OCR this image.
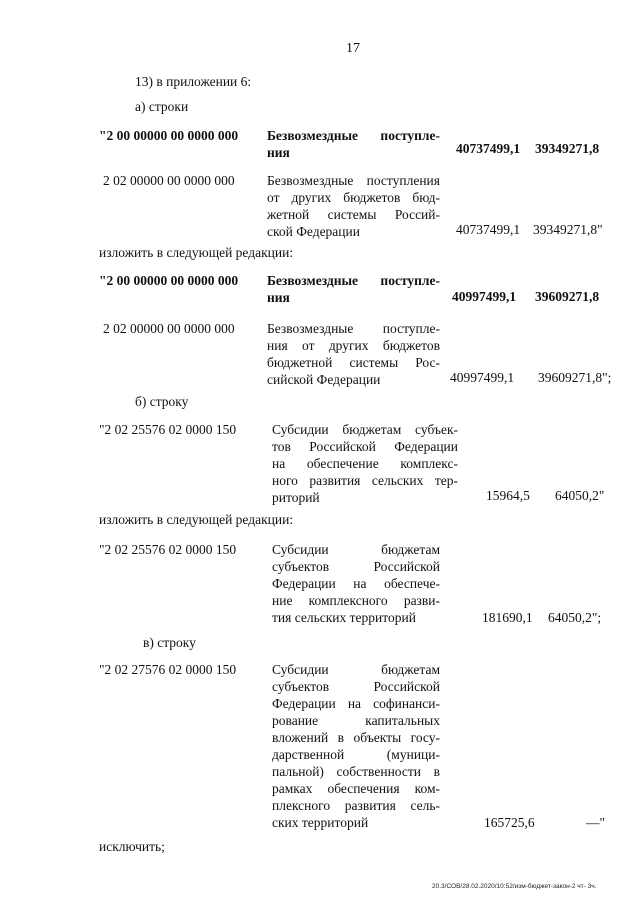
17
13) в приложении 6:
а) строки
"2 00 00000 00 0000 000 Безвозмездные поступле-
ния	40737499,1 39349271,8
2 02 00000 00 0000 000 Безвозмездные поступления
от других бюджетов бюд-
жетной системы Россий-
ской Федерации	40737499,1 39349271,8"
изложить в следующей редакции:
"2 00 00000 00 0000 000 Безвозмездные поступле-
ния	40997499,1 39609271,8
2 02 00000 00 0000 000 Безвозмездные поступле-
ния от других бюджетов
бюджетной системы Рос-
сийской Федерации	40997499,1 39609271,8";
б) строку
"2 02 25576 02 0000 150	Субсидии бюджетам субъек-
тов Российской Федерации
на обеспечение комплекс-
ного развития сельских тер-
риторий	15964,5 64050,2"
изложить в следующей редакции:
"2 02 25576 02 0000 150	Субсидии бюджетам
субъектов Российской
Федерации на обеспече-
ние комплексного разви-
тия сельских территорий	181690,1 64050,2";
в) строку
"2 02 27576 02 0000 150	Субсидии бюджетам
субъектов Российской
Федерации на софинанси-
рование капитальных
вложений в объекты госу-
дарственной (муници-
пальной) собственности в
рамках обеспечения ком-
плексного развития сель-
ских территорий	165725,6	—"
исключить;
20.3/СОВ/28.02.2020/10:52/изм-бюджет-закон-2 чт- 3ч.
